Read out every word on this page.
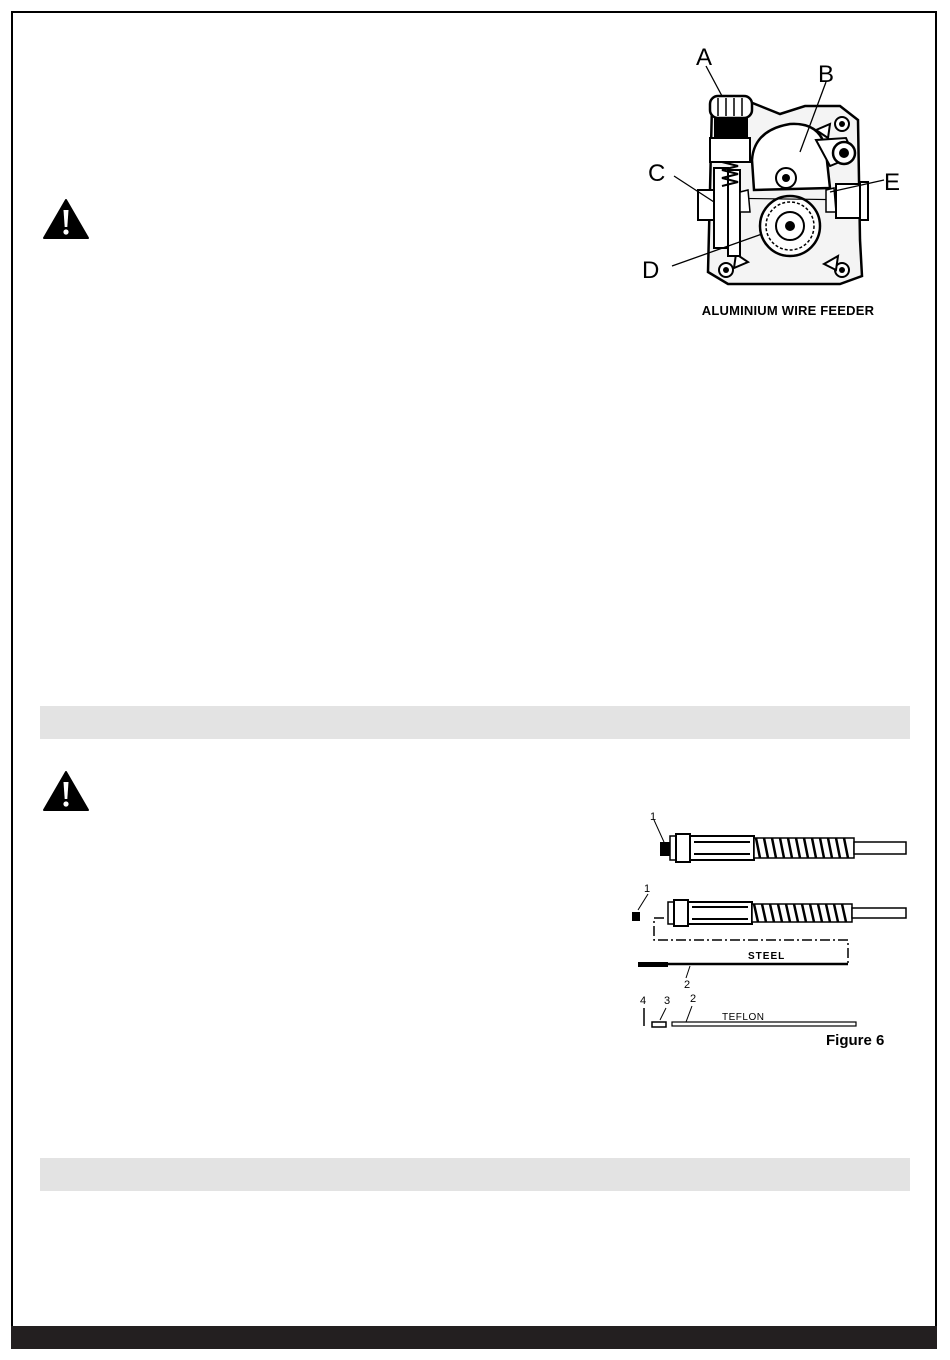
A
B
C	E
D
ALUMINIUM WIRE FEEDER
1
1
STEEL
2
4 3 2
TEFLON
Figure 6
